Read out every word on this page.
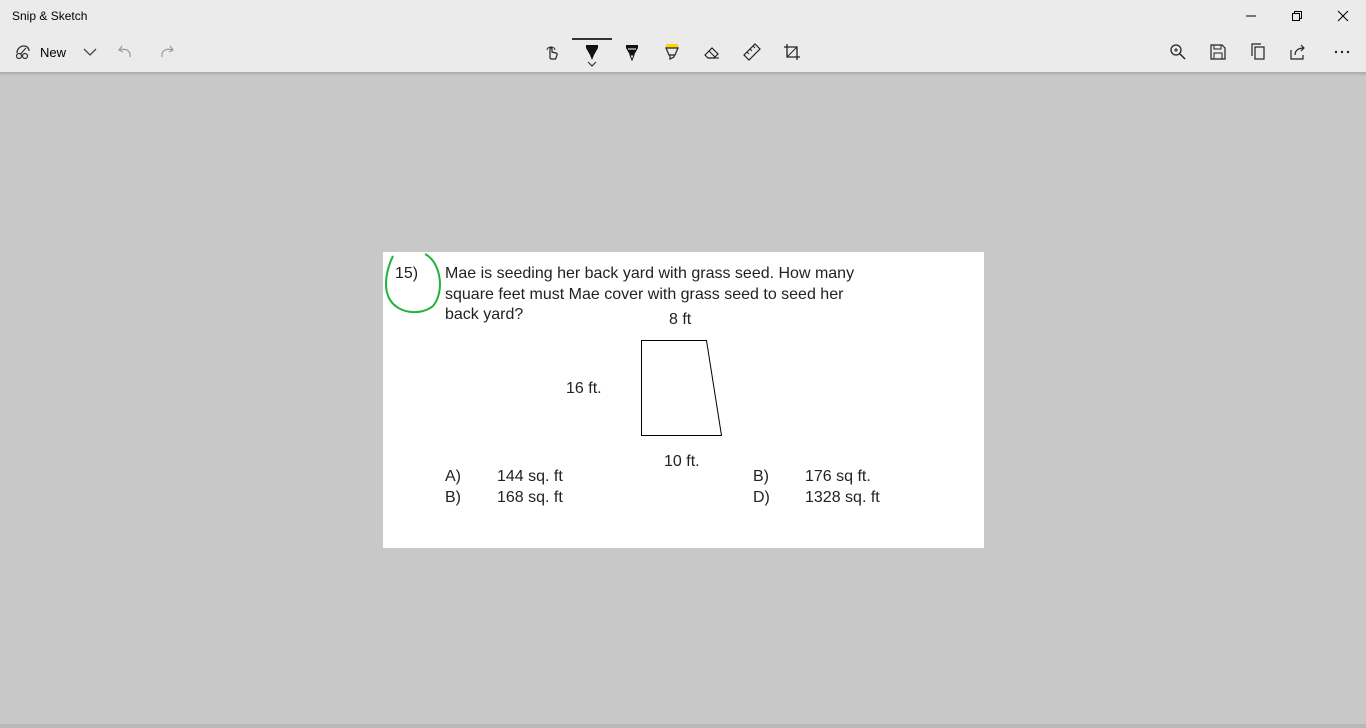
Snip & Sketch
New
15) Mae is seeding her back yard with grass seed. How many
square feet must Mae cover with grass seed to seed her
back yard?	8 ft
16 ft.
10 ft.
A) 144 sq. ft	B) 176 sq ft.
B) 168 sq. ft	D) 1328 sq. ft
